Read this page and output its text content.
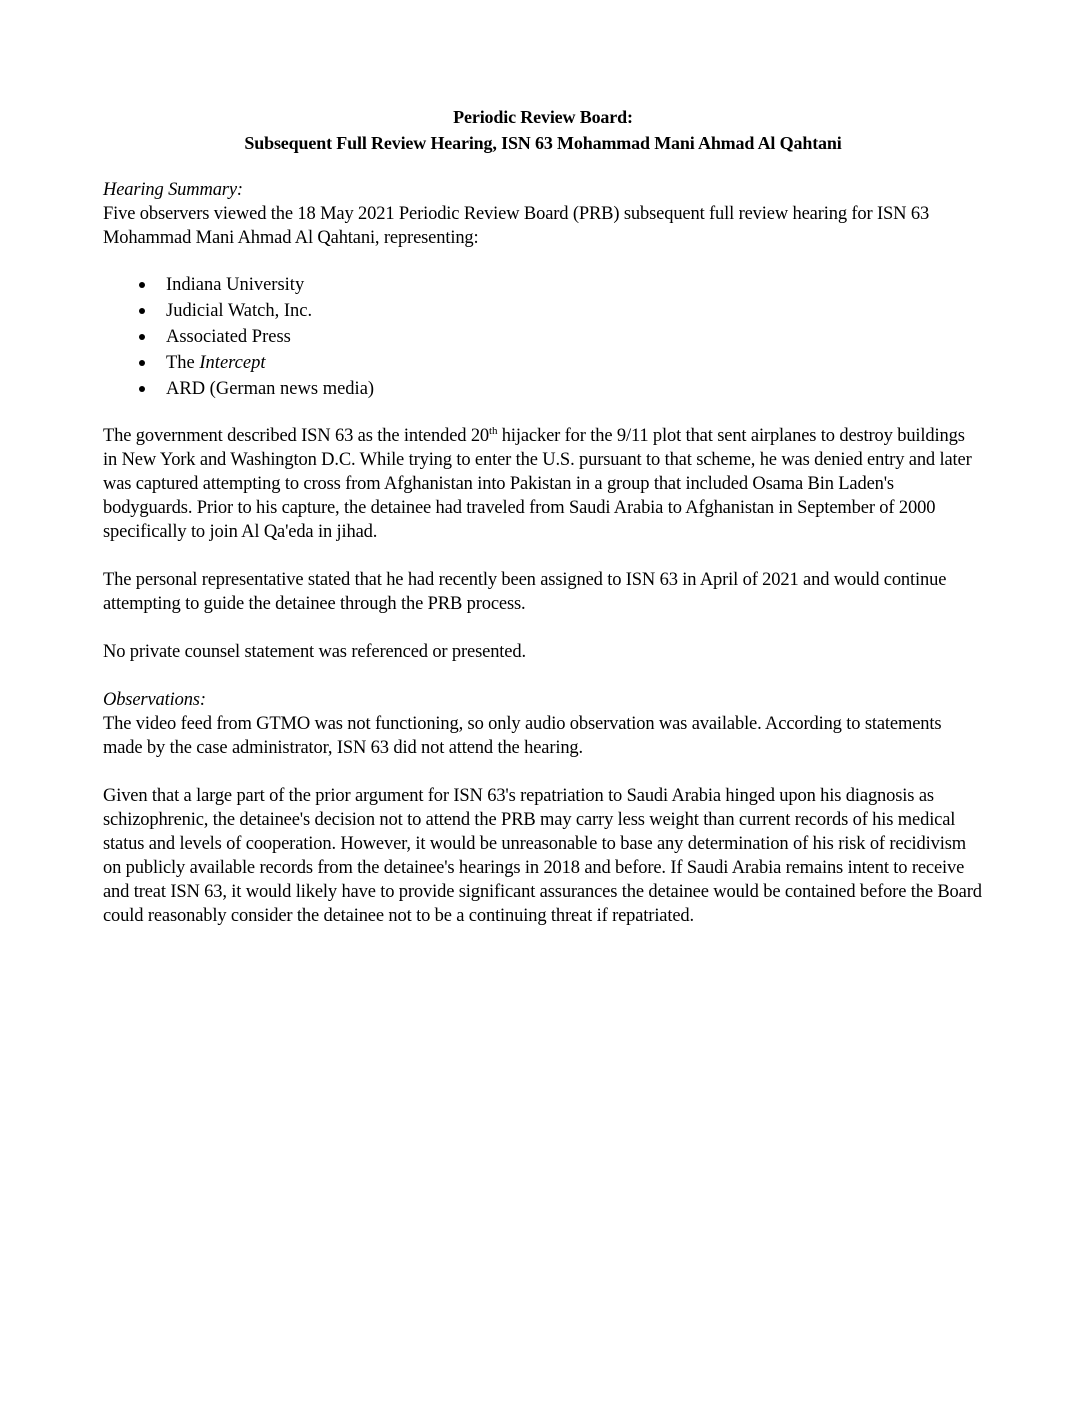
Periodic Review Board:

Subsequent Full Review Hearing, ISN 63 Mohammad Mani Ahmad Al Qahtani

Hearing Summary:

Five observers viewed the 18 May 2021 Periodic Review Board (PRB) subsequent full review hearing for ISN 63 Mohammad Mani Ahmad Al Qahtani, representing:

Indiana University
Judicial Watch, Inc.
Associated Press
The Intercept
ARD (German news media)

The government described ISN 63 as the intended 20th hijacker for the 9/11 plot that sent airplanes to destroy buildings in New York and Washington D.C. While trying to enter the U.S. pursuant to that scheme, he was denied entry and later was captured attempting to cross from Afghanistan into Pakistan in a group that included Osama Bin Laden's bodyguards. Prior to his capture, the detainee had traveled from Saudi Arabia to Afghanistan in September of 2000 specifically to join Al Qa'eda in jihad.

The personal representative stated that he had recently been assigned to ISN 63 in April of 2021 and would continue attempting to guide the detainee through the PRB process.

No private counsel statement was referenced or presented.

Observations:

The video feed from GTMO was not functioning, so only audio observation was available. According to statements made by the case administrator, ISN 63 did not attend the hearing.

Given that a large part of the prior argument for ISN 63's repatriation to Saudi Arabia hinged upon his diagnosis as schizophrenic, the detainee's decision not to attend the PRB may carry less weight than current records of his medical status and levels of cooperation. However, it would be unreasonable to base any determination of his risk of recidivism on publicly available records from the detainee's hearings in 2018 and before. If Saudi Arabia remains intent to receive and treat ISN 63, it would likely have to provide significant assurances the detainee would be contained before the Board could reasonably consider the detainee not to be a continuing threat if repatriated.
